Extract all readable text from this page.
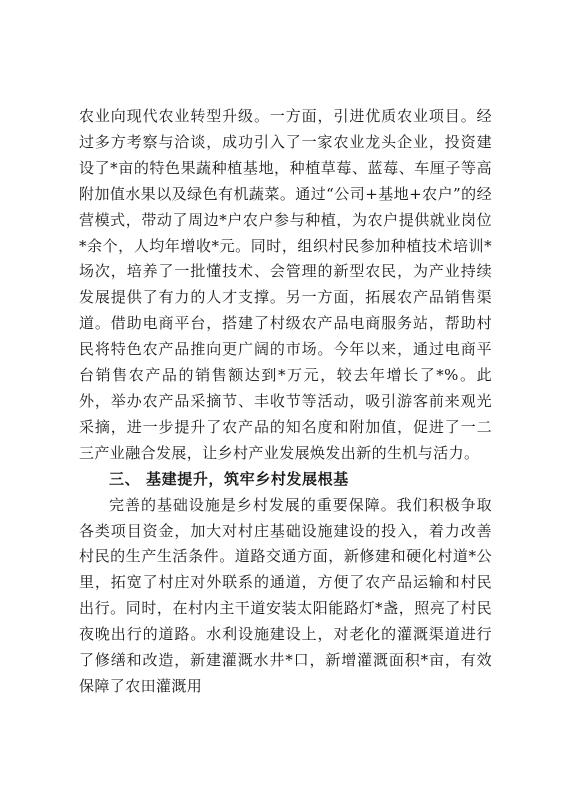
农业向现代农业转型升级。一方面，引进优质农业项目。经过多方考察与洽谈，成功引入了一家农业龙头企业，投资建设了*亩的特色果蔬种植基地，种植草莓、蓝莓、车厘子等高附加值水果以及绿色有机蔬菜。通过“公司+基地+农户”的经营模式，带动了周边*户农户参与种植，为农户提供就业岗位*余个，人均年增收*元。同时，组织村民参加种植技术培训*场次，培养了一批懂技术、会管理的新型农民，为产业持续发展提供了有力的人才支撑。另一方面，拓展农产品销售渠道。借助电商平台，搭建了村级农产品电商服务站，帮助村民将特色农产品推向更广阔的市场。今年以来，通过电商平台销售农产品的销售额达到*万元，较去年增长了*%。此外，举办农产品采摘节、丰收节等活动，吸引游客前来观光采摘，进一步提升了农产品的知名度和附加值，促进了一二三产业融合发展，让乡村产业发展焕发出新的生机与活力。

三、 基建提升，筑牢乡村发展根基

完善的基础设施是乡村发展的重要保障。我们积极争取各类项目资金，加大对村庄基础设施建设的投入，着力改善村民的生产生活条件。道路交通方面，新修建和硬化村道*公里，拓宽了村庄对外联系的通道，方便了农产品运输和村民出行。同时，在村内主干道安装太阳能路灯*盏，照亮了村民夜晚出行的道路。水利设施建设上，对老化的灌溉渠道进行了修缮和改造，新建灌溉水井*口，新增灌溉面积*亩，有效保障了农田灌溉用
